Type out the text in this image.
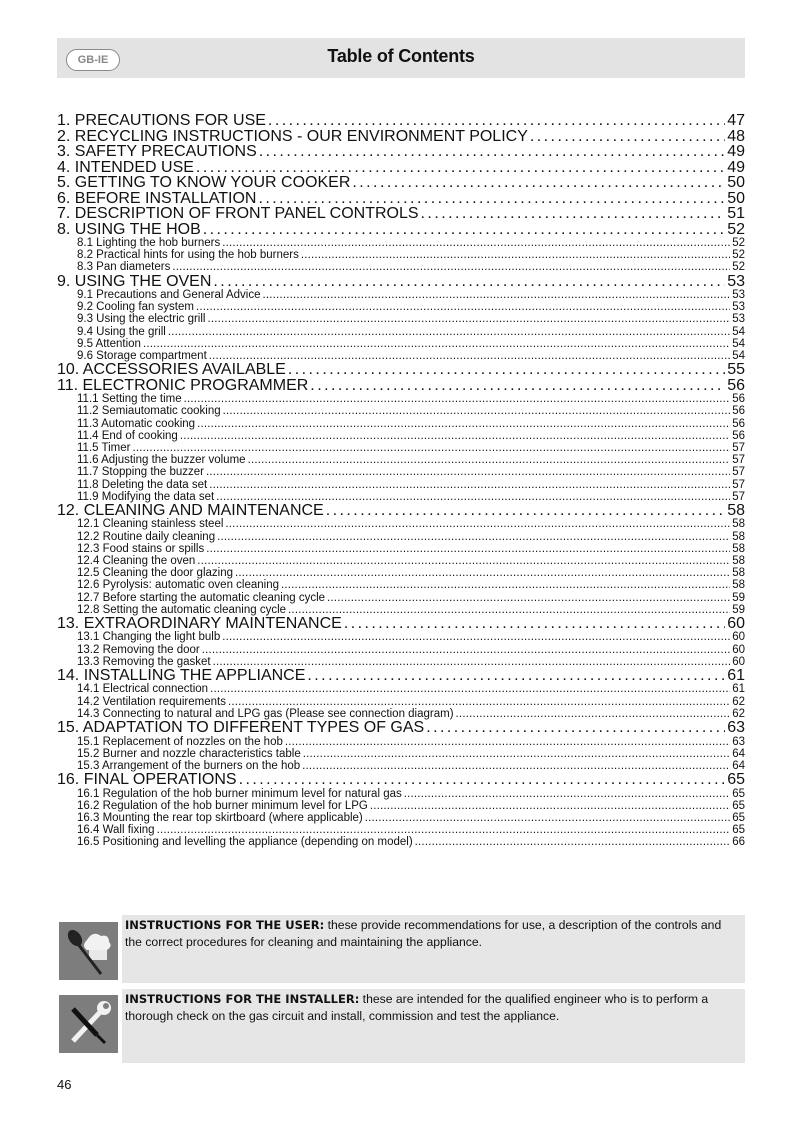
Table of Contents
GB-IE
1. PRECAUTIONS FOR USE . . .	47
2. RECYCLING INSTRUCTIONS - OUR ENVIRONMENT POLICY . . .	48
3. SAFETY PRECAUTIONS . . .	49
4. INTENDED USE . . .	49
5. GETTING TO KNOW YOUR COOKER . . .	50
6. BEFORE INSTALLATION . . .	50
7. DESCRIPTION OF FRONT PANEL CONTROLS . . .	51
8. USING THE HOB . . .	52
8.1 Lighting the hob burners . . .	52
8.2 Practical hints for using the hob burners . . .	52
8.3 Pan diameters . . .	52
9. USING THE OVEN . . .	53
9.1 Precautions and General Advice . . .	53
9.2 Cooling fan system . . .	53
9.3 Using the electric grill . . .	53
9.4 Using the grill . . .	54
9.5 Attention . . .	54
9.6 Storage compartment . . .	54
10. ACCESSORIES AVAILABLE . . .	55
11. ELECTRONIC PROGRAMMER . . .	56
11.1 Setting the time . . .	56
11.2 Semiautomatic cooking . . .	56
11.3 Automatic cooking . . .	56
11.4 End of cooking . . .	56
11.5 Timer . . .	57
11.6 Adjusting the buzzer volume . . .	57
11.7 Stopping the buzzer . . .	57
11.8 Deleting the data set . . .	57
11.9 Modifying the data set . . .	57
12. CLEANING AND MAINTENANCE . . .	58
12.1 Cleaning stainless steel . . .	58
12.2 Routine daily cleaning . . .	58
12.3 Food stains or spills . . .	58
12.4 Cleaning the oven . . .	58
12.5 Cleaning the door glazing . . .	58
12.6 Pyrolysis: automatic oven cleaning . . .	58
12.7 Before starting the automatic cleaning cycle . . .	59
12.8 Setting the automatic cleaning cycle . . .	59
13. EXTRAORDINARY MAINTENANCE . . .	60
13.1 Changing the light bulb . . .	60
13.2 Removing the door . . .	60
13.3 Removing the gasket . . .	60
14. INSTALLING THE APPLIANCE . . .	61
14.1 Electrical connection . . .	61
14.2 Ventilation requirements . . .	62
14.3 Connecting to natural and LPG gas (Please see connection diagram) . . .	62
15. ADAPTATION TO DIFFERENT TYPES OF GAS . . .	63
15.1 Replacement of nozzles on the hob . . .	63
15.2 Burner and nozzle characteristics table . . .	64
15.3 Arrangement of the burners on the hob . . .	64
16. FINAL OPERATIONS . . .	65
16.1 Regulation of the hob burner minimum level for natural gas . . .	65
16.2 Regulation of the hob burner minimum level for LPG . . .	65
16.3 Mounting the rear top skirtboard (where applicable) . . .	65
16.4 Wall fixing . . .	65
16.5 Positioning and levelling the appliance (depending on model) . . .	66

INSTRUCTIONS FOR THE USER: these provide recommendations for use, a description of the controls and the correct procedures for cleaning and maintaining the appliance.

INSTRUCTIONS FOR THE INSTALLER: these are intended for the qualified engineer who is to perform a thorough check on the gas circuit and install, commission and test the appliance.

46
